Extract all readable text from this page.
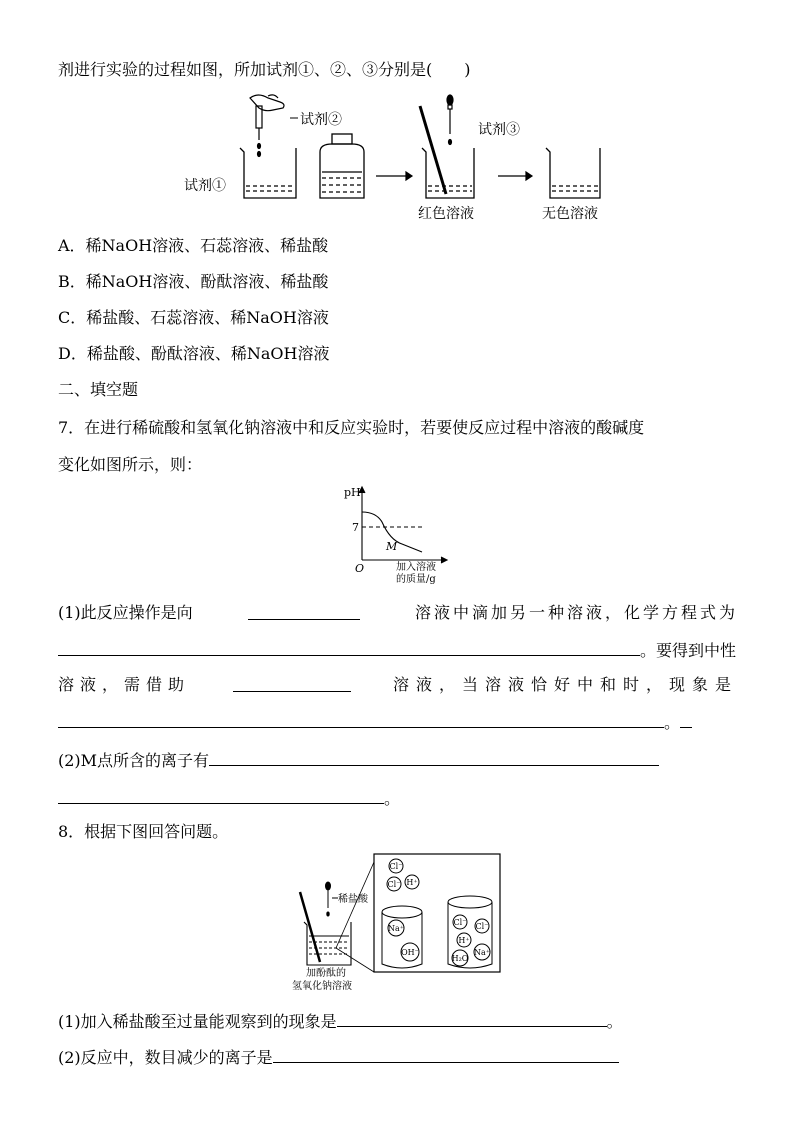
剂进行实验的过程如图，所加试剂①、②、③分别是(　　)
试剂①
试剂②
试剂③
红色溶液	无色溶液
A．稀NaOH溶液、石蕊溶液、稀盐酸
B．稀NaOH溶液、酚酞溶液、稀盐酸
C．稀盐酸、石蕊溶液、稀NaOH溶液
D．稀盐酸、酚酞溶液、稀NaOH溶液
二、填空题
7．在进行稀硫酸和氢氧化钠溶液中和反应实验时，若要使反应过程中溶液的酸碱度
变化如图所示，则：
pH
7
O
M
加入溶液
的质量/g
(1)此反应操作是向	溶液中滴加另一种溶液，化学方程式为
。要得到中性
溶液，需借助	溶液，当溶液恰好中和时，现象是
。
(2)M点所含的离子有
。
8．根据下图回答问题。
稀盐酸
加酚酞的
氢氧化钠溶液
Cl⁻
Cl⁻ H⁺
Na⁺
OH⁻
Cl⁻ Cl⁻
H⁺
H₂O
Na⁺
(1)加入稀盐酸至过量能观察到的现象是	。
(2)反应中，数目减少的离子是
